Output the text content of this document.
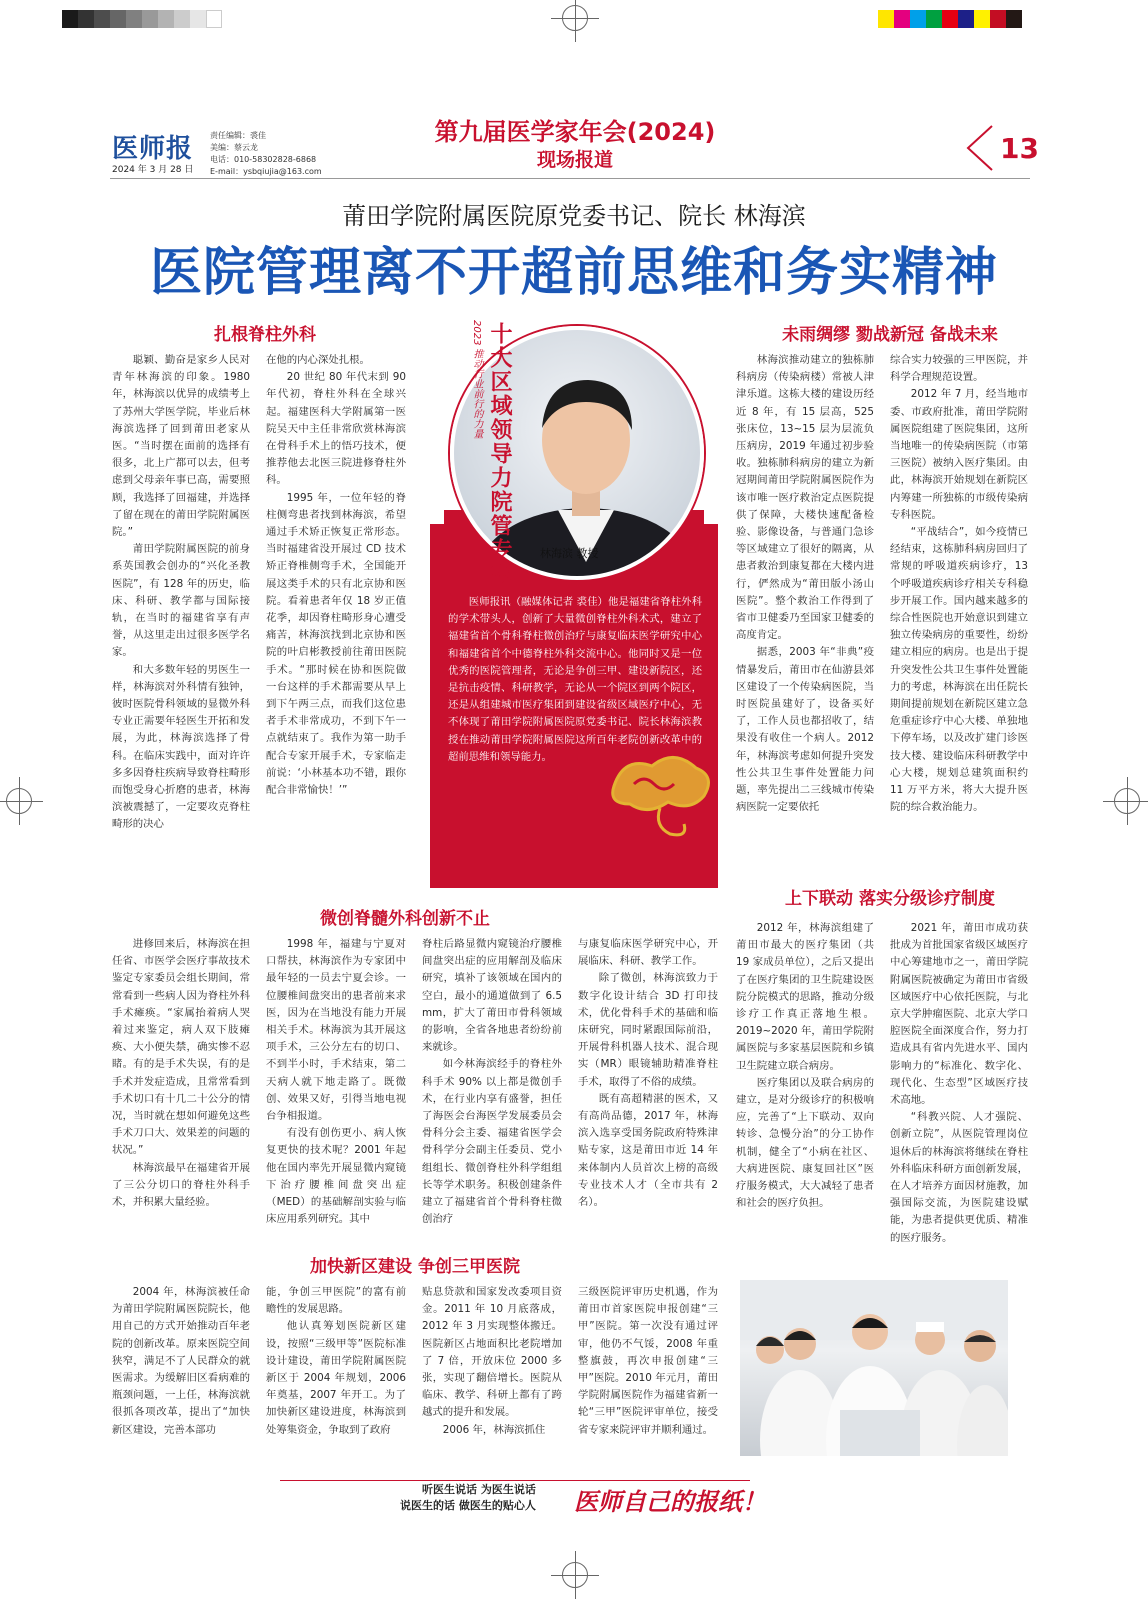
医师报
2024 年 3 月 28 日
责任编辑：裘佳
美编：蔡云龙
电话：010-58302828-6868
E-mail：ysbqiujia@163.com
第九届医学家年会(2024)
现场报道	13
莆田学院附属医院原党委书记、院长 林海滨
医院管理离不开超前思维和务实精神
扎根脊柱外科

聪颖、勤奋是家乡人民对青年林海滨的印象。1980 年，林海滨以优异的成绩考上了苏州大学医学院，毕业后林海滨选择了回到莆田老家从医。“当时摆在面前的选择有很多，北上广都可以去，但考虑到父母亲年事已高，需要照顾，我选择了回福建，并选择了留在现在的莆田学院附属医院。”

莆田学院附属医院的前身系英国教会创办的“兴化圣教医院”，有 128 年的历史，临床、科研、教学都与国际接轨，在当时的福建省享有声誉，从这里走出过很多医学名家。

和大多数年轻的男医生一样，林海滨对外科情有独钟，彼时医院骨科领域的显微外科专业正需要年轻医生开拓和发展，为此，林海滨选择了骨科。在临床实践中，面对许许多多因脊柱疾病导致脊柱畸形而饱受身心折磨的患者，林海滨被震撼了，一定要攻克脊柱畸形的决心

在他的内心深处扎根。

20 世纪 80 年代末到 90 年代初，脊柱外科在全球兴起。福建医科大学附属第一医院吴天中主任非常欣赏林海滨在骨科手术上的悟巧技术，便推荐他去北医三院进修脊柱外科。

1995 年，一位年轻的脊柱侧弯患者找到林海滨，希望通过手术矫正恢复正常形态。当时福建省没开展过 CD 技术矫正脊椎侧弯手术，全国能开展这类手术的只有北京协和医院。看着患者年仅 18 岁正值花季，却因脊柱畸形身心遭受痛苦，林海滨找到北京协和医院的叶启彬教授前往莆田医院手术。“那时候在协和医院做一台这样的手术都需要从早上到下午两三点，而我们这位患者手术非常成功，不到下午一点就结束了。我作为第一助手配合专家开展手术，专家临走前说：‘小林基本功不错，跟你配合非常愉快！’”

2023 推动行业前行的力量 十大区域领导力院管专家 林海滨 教授

医师报讯（融媒体记者 裘佳）他是福建省脊柱外科的学术带头人，创新了大量微创脊柱外科术式，建立了福建省首个骨科脊柱微创治疗与康复临床医学研究中心和福建省首个中德脊柱外科交流中心。他同时又是一位优秀的医院管理者，无论是争创三甲、建设新院区，还是抗击疫情、科研教学，无论从一个院区到两个院区，还是从组建城市医疗集团到建设省级区域医疗中心，无不体现了莆田学院附属医院原党委书记、院长林海滨教授在推动莆田学院附属医院这所百年老院创新改革中的超前思维和领导能力。

未雨绸缪 勠战新冠 备战未来

林海滨推动建立的独栋肺科病房（传染病楼）常被人津津乐道。这栋大楼的建设历经近 8 年，有 15 层高，525 张床位，13~15 层为层流负压病房，2019 年通过初步验收。独栋肺科病房的建立为新冠期间莆田学院附属医院作为该市唯一医疗救治定点医院提供了保障，大楼快速配备检验、影像设备，与普通门急诊等区域建立了很好的隔离，从患者救治到康复都在大楼内进行，俨然成为“莆田版小汤山医院”。整个救治工作得到了省市卫健委乃至国家卫健委的高度肯定。

据悉，2003 年“非典”疫情暴发后，莆田市在仙游县郊区建设了一个传染病医院，当时医院虽建好了，设备买好了，工作人员也都招收了，结果没有收住一个病人。2012 年，林海滨考虑如何提升突发性公共卫生事件处置能力问题，率先提出二三线城市传染病医院一定要依托

综合实力较强的三甲医院，并科学合理规范设置。

2012 年 7 月，经当地市委、市政府批准，莆田学院附属医院组建了医院集团，这所当地唯一的传染病医院（市第三医院）被纳入医疗集团。由此，林海滨开始规划在新院区内筹建一所独栋的市级传染病专科医院。

“平战结合”，如今疫情已经结束，这栋肺科病房回归了常规的呼吸道疾病诊疗，13 个呼吸道疾病诊疗相关专科稳步开展工作。国内越来越多的综合性医院也开始意识到建立独立传染病房的重要性，纷纷建立相应的病房。也是出于提升突发性公共卫生事件处置能力的考虑，林海滨在出任院长期间提前规划在新院区建立急危重症诊疗中心大楼、单独地下停车场，以及改扩建门诊医技大楼、建设临床科研教学中心大楼，规划总建筑面积约 11 万平方米，将大大提升医院的综合救治能力。

微创脊髓外科创新不止

进修回来后，林海滨在担任省、市医学会医疗事故技术鉴定专家委员会组长期间，常常看到一些病人因为脊柱外科手术瘫痪。“家属抬着病人哭着过来鉴定，病人双下肢瘫痪、大小便失禁，确实惨不忍睹。有的是手术失误，有的是手术并发症造成，且常常看到手术切口有十几二十公分的情况，当时就在想如何避免这些手术刀口大、效果差的问题的状况。”

林海滨最早在福建省开展了三公分切口的脊柱外科手术，并积累大量经验。

1998 年，福建与宁夏对口帮扶，林海滨作为专家团中最年轻的一员去宁夏会诊。一位腰椎间盘突出的患者前来求医，因为在当地没有能力开展相关手术。林海滨为其开展这项手术，三公分左右的切口、不到半小时，手术结束，第二天病人就下地走路了。既微创、效果又好，引得当地电视台争相报道。

有没有创伤更小、病人恢复更快的技术呢？2001 年起他在国内率先开展显微内窥镜下治疗腰椎间盘突出症（MED）的基础解剖实验与临床应用系列研究。其中

脊柱后路显微内窥镜治疗腰椎间盘突出症的应用解剖及临床研究，填补了该领域在国内的空白，最小的通道做到了 6.5 mm，扩大了莆田市骨科领域的影响，全省各地患者纷纷前来就诊。

如今林海滨经手的脊柱外科手术 90% 以上都是微创手术，在行业内享有盛誉，担任了海医会台海医学发展委员会骨科分会主委、福建省医学会骨科学分会副主任委员、党小组组长、微创脊柱外科学组组长等学术职务。积极创建条件建立了福建省首个骨科脊柱微创治疗

与康复临床医学研究中心，开展临床、科研、教学工作。

除了微创，林海滨致力于数字化设计结合 3D 打印技术，优化骨科手术的基础和临床研究，同时紧跟国际前沿，开展骨科机器人技术、混合现实（MR）眼镜辅助精准脊柱手术，取得了不俗的成绩。

既有高超精湛的医术，又有高尚品德，2017 年，林海滨入选享受国务院政府特殊津贴专家，这是莆田市近 14 年来体制内人员首次上榜的高级专业技术人才（全市共有 2 名）。

上下联动 落实分级诊疗制度

2012 年，林海滨组建了莆田市最大的医疗集团（共 19 家成员单位），之后又提出了在医疗集团的卫生院建设医院分院模式的思路，推动分级诊疗工作真正落地生根。2019~2020 年，莆田学院附属医院与多家基层医院和乡镇卫生院建立联合病房。

医疗集团以及联合病房的建立，是对分级诊疗的积极响应，完善了“上下联动、双向转诊、急慢分治”的分工协作机制，健全了“小病在社区、大病进医院、康复回社区”医疗服务模式，大大减轻了患者和社会的医疗负担。

2021 年，莆田市成功获批成为首批国家省级区域医疗中心筹建地市之一，莆田学院附属医院被确定为莆田市省级区域医疗中心依托医院，与北京大学肿瘤医院、北京大学口腔医院全面深度合作，努力打造成具有省内先进水平、国内影响力的“标准化、数字化、现代化、生态型”区域医疗技术高地。

“科教兴院、人才强院、创新立院”，从医院管理岗位退休后的林海滨将继续在脊柱外科临床科研方面创新发展，在人才培养方面因材施教，加强国际交流，为医院建设赋能，为患者提供更优质、精准的医疗服务。

加快新区建设 争创三甲医院

2004 年，林海滨被任命为莆田学院附属医院院长，他用自己的方式开始推动百年老院的创新改革。原来医院空间狭窄，满足不了人民群众的就医需求。为缓解旧区看病难的瓶颈问题，一上任，林海滨就很抓各项改革，提出了“加快新区建设，完善本部功

能，争创三甲医院”的富有前瞻性的发展思路。

他认真筹划医院新区建设，按照“三级甲等”医院标准设计建设，莆田学院附属医院新区于 2004 年规划，2006 年奠基，2007 年开工。为了加快新区建设进度，林海滨到处筹集资金，争取到了政府

贴息贷款和国家发改委项目资金。2011 年 10 月底落成，2012 年 3 月实现整体搬迁。医院新区占地面积比老院增加了 7 倍，开放床位 2000 多张，实现了翻倍增长。医院从临床、教学、科研上都有了跨越式的提升和发展。

2006 年，林海滨抓住

三级医院评审历史机遇，作为莆田市首家医院申报创建“三甲”医院。第一次没有通过评审，他仍不气馁，2008 年重整旗鼓，再次申报创建“三甲”医院。2010 年元月，莆田学院附属医院作为福建省新一轮“三甲”医院评审单位，接受省专家来院评审并顺利通过。

听医生说话 为医生说话
说医生的话 做医生的贴心人 医师自己的报纸！
